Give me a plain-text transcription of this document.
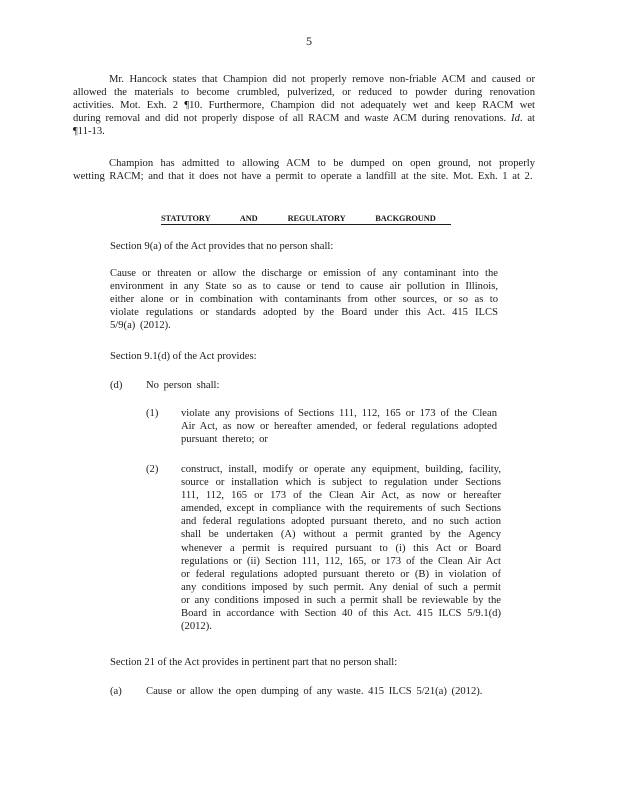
5

Mr. Hancock states that Champion did not properly remove non-friable ACM and caused or allowed the materials to become crumbled, pulverized, or reduced to powder during renovation activities. Mot. Exh. 2 ¶10. Furthermore, Champion did not adequately wet and keep RACM wet during removal and did not properly dispose of all RACM and waste ACM during renovations. Id. at ¶11-13.

Champion has admitted to allowing ACM to be dumped on open ground, not properly wetting RACM; and that it does not have a permit to operate a landfill at the site. Mot. Exh. 1 at 2.

STATUTORY AND REGULATORY BACKGROUND
Section 9(a) of the Act provides that no person shall:
Cause or threaten or allow the discharge or emission of any contaminant into the environment in any State so as to cause or tend to cause air pollution in Illinois, either alone or in combination with contaminants from other sources, or so as to violate regulations or standards adopted by the Board under this Act. 415 ILCS 5/9(a) (2012).
Section 9.1(d) of the Act provides:
(d) No person shall:
(1) violate any provisions of Sections 111, 112, 165 or 173 of the Clean Air Act, as now or hereafter amended, or federal regulations adopted pursuant thereto; or
(2) construct, install, modify or operate any equipment, building, facility, source or installation which is subject to regulation under Sections 111, 112, 165 or 173 of the Clean Air Act, as now or hereafter amended, except in compliance with the requirements of such Sections and federal regulations adopted pursuant thereto, and no such action shall be undertaken (A) without a permit granted by the Agency whenever a permit is required pursuant to (i) this Act or Board regulations or (ii) Section 111, 112, 165, or 173 of the Clean Air Act or federal regulations adopted pursuant thereto or (B) in violation of any conditions imposed by such permit. Any denial of such a permit or any conditions imposed in such a permit shall be reviewable by the Board in accordance with Section 40 of this Act. 415 ILCS 5/9.1(d) (2012).
Section 21 of the Act provides in pertinent part that no person shall:
(a) Cause or allow the open dumping of any waste. 415 ILCS 5/21(a) (2012).
